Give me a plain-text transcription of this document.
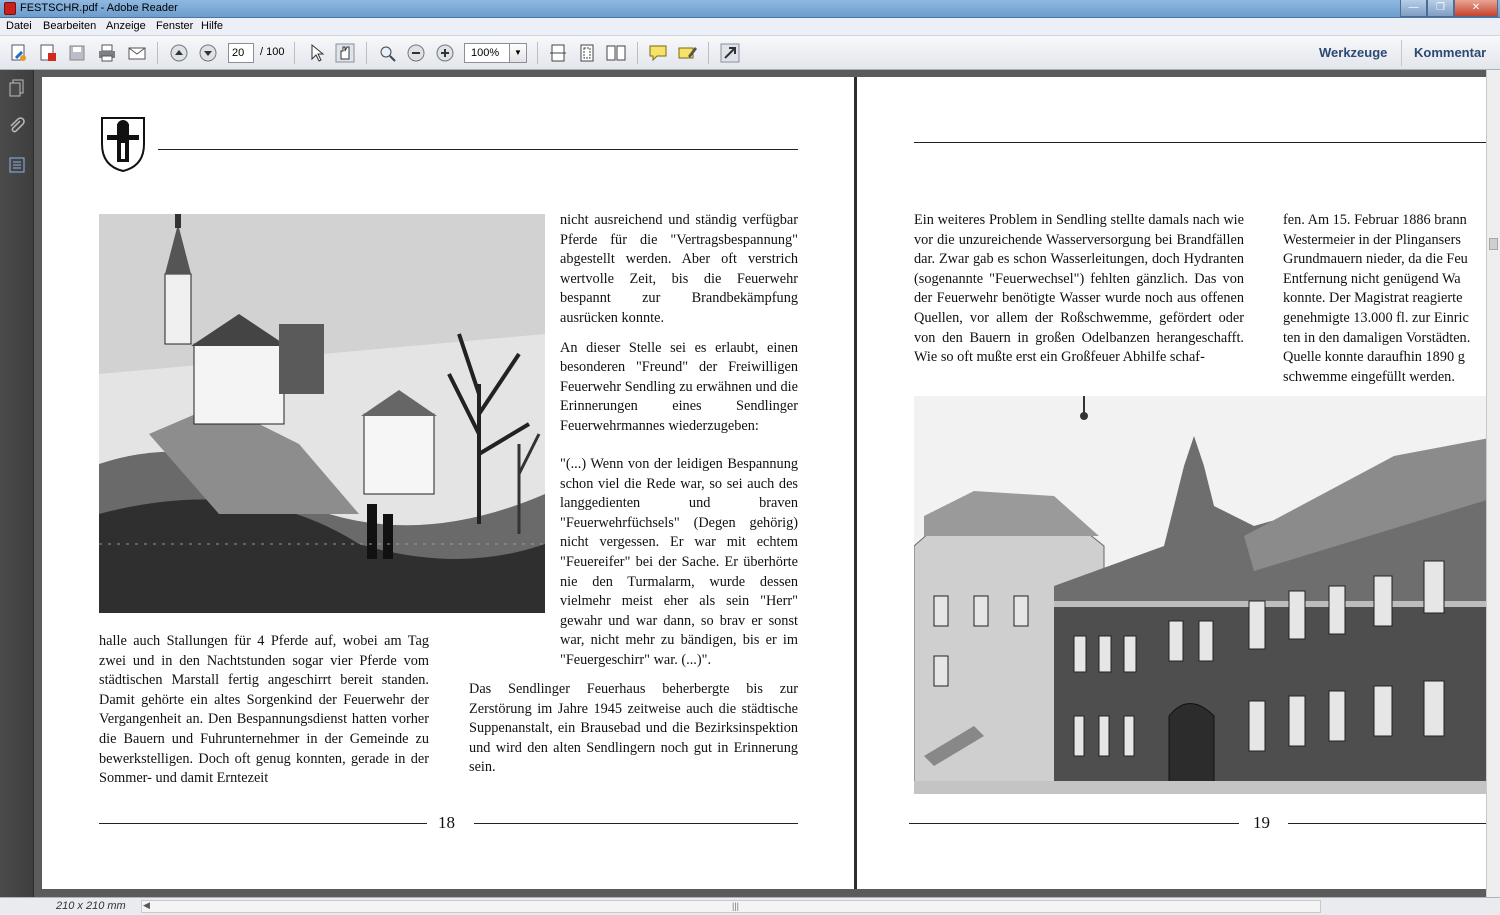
FESTSCHR.pdf - Adobe Reader	—	❐	✕
Datei Bearbeiten Anzeige Fenster Hilfe
20	/ 100	100%	▼	Werkzeuge Kommentar

nicht ausreichend und ständig verfügbar Pferde für die "Vertragsbespannung" abgestellt werden. Aber oft verstrich wertvolle Zeit, bis die Feuerwehr bespannt zur Brandbekämpfung ausrücken konnte.

An dieser Stelle sei es erlaubt, einen besonderen "Freund" der Freiwilligen Feuerwehr Sendling zu erwähnen und die Erinnerungen eines Sendlinger Feuerwehrmannes wiederzugeben:

"(...) Wenn von der leidigen Bespannung schon viel die Rede war, so sei auch des langgedienten und braven "Feuerwehrfüchsels" (Degen gehörig) nicht vergessen. Er war mit echtem "Feuereifer" bei der Sache. Er überhörte nie den Turmalarm, wurde dessen vielmehr meist eher als sein "Herr" gewahr und war dann, so brav er sonst war, nicht mehr zu bändigen, bis er im "Feuergeschirr" war. (...)".

Das Sendlinger Feuerhaus beherbergte bis zur Zerstörung im Jahre 1945 zeitweise auch die städtische Suppenanstalt, ein Brausebad und die Bezirksinspektion und wird den alten Sendlingern noch gut in Erinnerung sein.

halle auch Stallungen für 4 Pferde auf, wobei am Tag zwei und in den Nachtstunden sogar vier Pferde vom städtischen Marstall fertig angeschirrt bereit standen. Damit gehörte ein altes Sorgenkind der Feuerwehr der Vergangenheit an. Den Bespannungsdienst hatten vorher die Bauern und Fuhrunternehmer in der Gemeinde zu bewerkstelligen. Doch oft genug konnten, gerade in der Sommer- und damit Erntezeit

18

Ein weiteres Problem in Sendling stellte damals nach wie vor die unzureichende Wasserversorgung bei Brandfällen dar. Zwar gab es schon Wasserleitungen, doch Hydranten (sogenannte "Feuerwechsel") fehlten gänzlich. Das von der Feuerwehr benötigte Wasser wurde noch aus offenen Quellen, vor allem der Roßschwemme, gefördert oder von den Bauern in großen Odelbanzen herangeschafft. Wie so oft mußte erst ein Großfeuer Abhilfe schaf-

fen. Am 15. Februar 1886 brann
Westermeier in der Plingansers
Grundmauern nieder, da die Feu
Entfernung nicht genügend Wa
konnte. Der Magistrat reagierte
genehmigte 13.000 fl. zur Einric
ten in den damaligen Vorstädten.
Quelle konnte daraufhin 1890 g
schwemme eingefüllt werden.
19
210 x 210 mm ◀	|||
